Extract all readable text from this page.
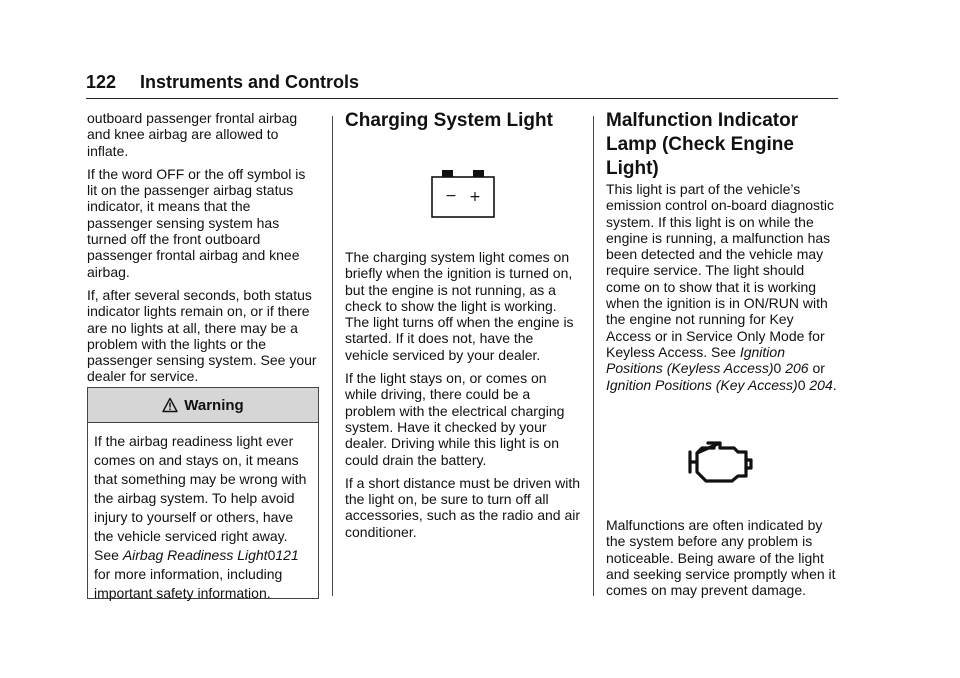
122 Instruments and Controls

outboard passenger frontal airbag and knee airbag are allowed to inflate.

If the word OFF or the off symbol is lit on the passenger airbag status indicator, it means that the passenger sensing system has turned off the front outboard passenger frontal airbag and knee airbag.

If, after several seconds, both status indicator lights remain on, or if there are no lights at all, there may be a problem with the lights or the passenger sensing system. See your dealer for service.

Warning
If the airbag readiness light ever comes on and stays on, it means that something may be wrong with the airbag system. To help avoid injury to yourself or others, have the vehicle serviced right away. See Airbag Readiness Light0121 for more information, including important safety information.
Charging System Light
− +

The charging system light comes on briefly when the ignition is turned on, but the engine is not running, as a check to show the light is working. The light turns off when the engine is started. If it does not, have the vehicle serviced by your dealer.

If the light stays on, or comes on while driving, there could be a problem with the electrical charging system. Have it checked by your dealer. Driving while this light is on could drain the battery.

If a short distance must be driven with the light on, be sure to turn off all accessories, such as the radio and air conditioner.

Malfunction Indicator Lamp (Check Engine Light)

This light is part of the vehicle’s emission control on-board diagnostic system. If this light is on while the engine is running, a malfunction has been detected and the vehicle may require service. The light should come on to show that it is working when the ignition is in ON/RUN with the engine not running for Key Access or in Service Only Mode for Keyless Access. See Ignition Positions (Keyless Access)0 206 or Ignition Positions (Key Access)0 204.

Malfunctions are often indicated by the system before any problem is noticeable. Being aware of the light and seeking service promptly when it comes on may prevent damage.
